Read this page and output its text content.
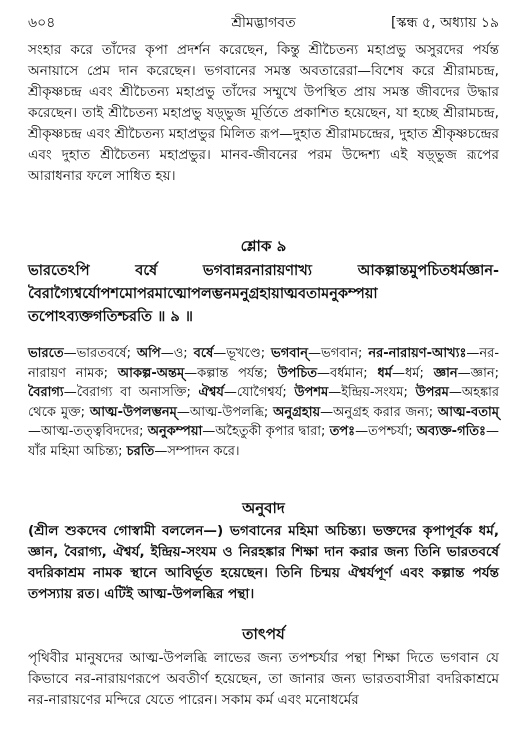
৬০৪	শ্রীমদ্ভাগবত	[স্কন্ধ ৫, অধ্যায় ১৯
সংহার করে তাঁদের কৃপা প্রদর্শন করেছেন, কিন্তু শ্রীচৈতন্য মহাপ্রভু অসুরদের পর্যন্ত অনায়াসে প্রেম দান করেছেন। ভগবানের সমস্ত অবতারেরা—বিশেষ করে শ্রীরামচন্দ্র, শ্রীকৃষ্ণচন্দ্র এবং শ্রীচৈতন্য মহাপ্রভু তাঁদের সম্মুখে উপস্থিত প্রায় সমস্ত জীবদের উদ্ধার করেছেন। তাই শ্রীচৈতন্য মহাপ্রভু ষড়্ভুজ মূর্তিতে প্রকাশিত হয়েছেন, যা হচ্ছে শ্রীরামচন্দ্র, শ্রীকৃষ্ণচন্দ্র এবং শ্রীচৈতন্য মহাপ্রভুর মিলিত রূপ—দুহাত শ্রীরামচন্দ্রের, দুহাত শ্রীকৃষ্ণচন্দ্রের এবং দুহাত শ্রীচৈতন্য মহাপ্রভুর। মানব-জীবনের পরম উদ্দেশ্য এই ষড়্ভুজ রূপের আরাধনার ফলে সাধিত হয়।
শ্লোক ৯
ভারতেঽপি বর্ষে ভগবান্নরনারায়ণাখ্য আকল্পান্তমুপচিতধর্মজ্ঞান-বৈরাগ্যৈশ্বর্যোপশমোপরমাত্মোপলম্ভনমনুগ্রহায়াত্মবতামনুকম্পয়া তপোঽব্যক্তগতিশ্চরতি ॥ ৯ ॥
ভারতে—ভারতবর্ষে; অপি—ও; বর্ষে—ভূখণ্ডে; ভগবান্—ভগবান; নর-নারায়ণ-আখ্যঃ—নর-নারায়ণ নামক; আকল্প-অন্তম্—কল্পান্ত পর্যন্ত; উপচিত—বর্ধমান; ধর্ম—ধর্ম; জ্ঞান—জ্ঞান; বৈরাগ্য—বৈরাগ্য বা অনাসক্তি; ঐশ্বর্য—যোগৈশ্বর্য; উপশম—ইন্দ্রিয়-সংযম; উপরম—অহঙ্কার থেকে মুক্ত; আত্ম-উপলম্ভনম্—আত্ম-উপলব্ধি; অনুগ্রহায়—অনুগ্রহ করার জন্য; আত্ম-বতাম্—আত্ম-তত্ত্ববিদদের; অনুকম্পয়া—অহৈতুকী কৃপার দ্বারা; তপঃ—তপশ্চর্যা; অব্যক্ত-গতিঃ—যাঁর মহিমা অচিন্ত্য; চরতি—সম্পাদন করে।
অনুবাদ
(শ্রীল শুকদেব গোস্বামী বললেন—) ভগবানের মহিমা অচিন্ত্য। ভক্তদের কৃপাপূর্বক ধর্ম, জ্ঞান, বৈরাগ্য, ঐশ্বর্য, ইন্দ্রিয়-সংযম ও নিরহঙ্কার শিক্ষা দান করার জন্য তিনি ভারতবর্ষে বদরিকাশ্রম নামক স্থানে আবির্ভূত হয়েছেন। তিনি চিন্ময় ঐশ্বর্যপূর্ণ এবং কল্পান্ত পর্যন্ত তপস্যায় রত। এটিই আত্ম-উপলব্ধির পন্থা।
তাৎপর্য
পৃথিবীর মানুষদের আত্ম-উপলব্ধি লাভের জন্য তপশ্চর্যার পন্থা শিক্ষা দিতে ভগবান যে কিভাবে নর-নারায়ণরূপে অবতীর্ণ হয়েছেন, তা জানার জন্য ভারতবাসীরা বদরিকাশ্রমে নর-নারায়ণের মন্দিরে যেতে পারেন। সকাম কর্ম এবং মনোধর্মের
